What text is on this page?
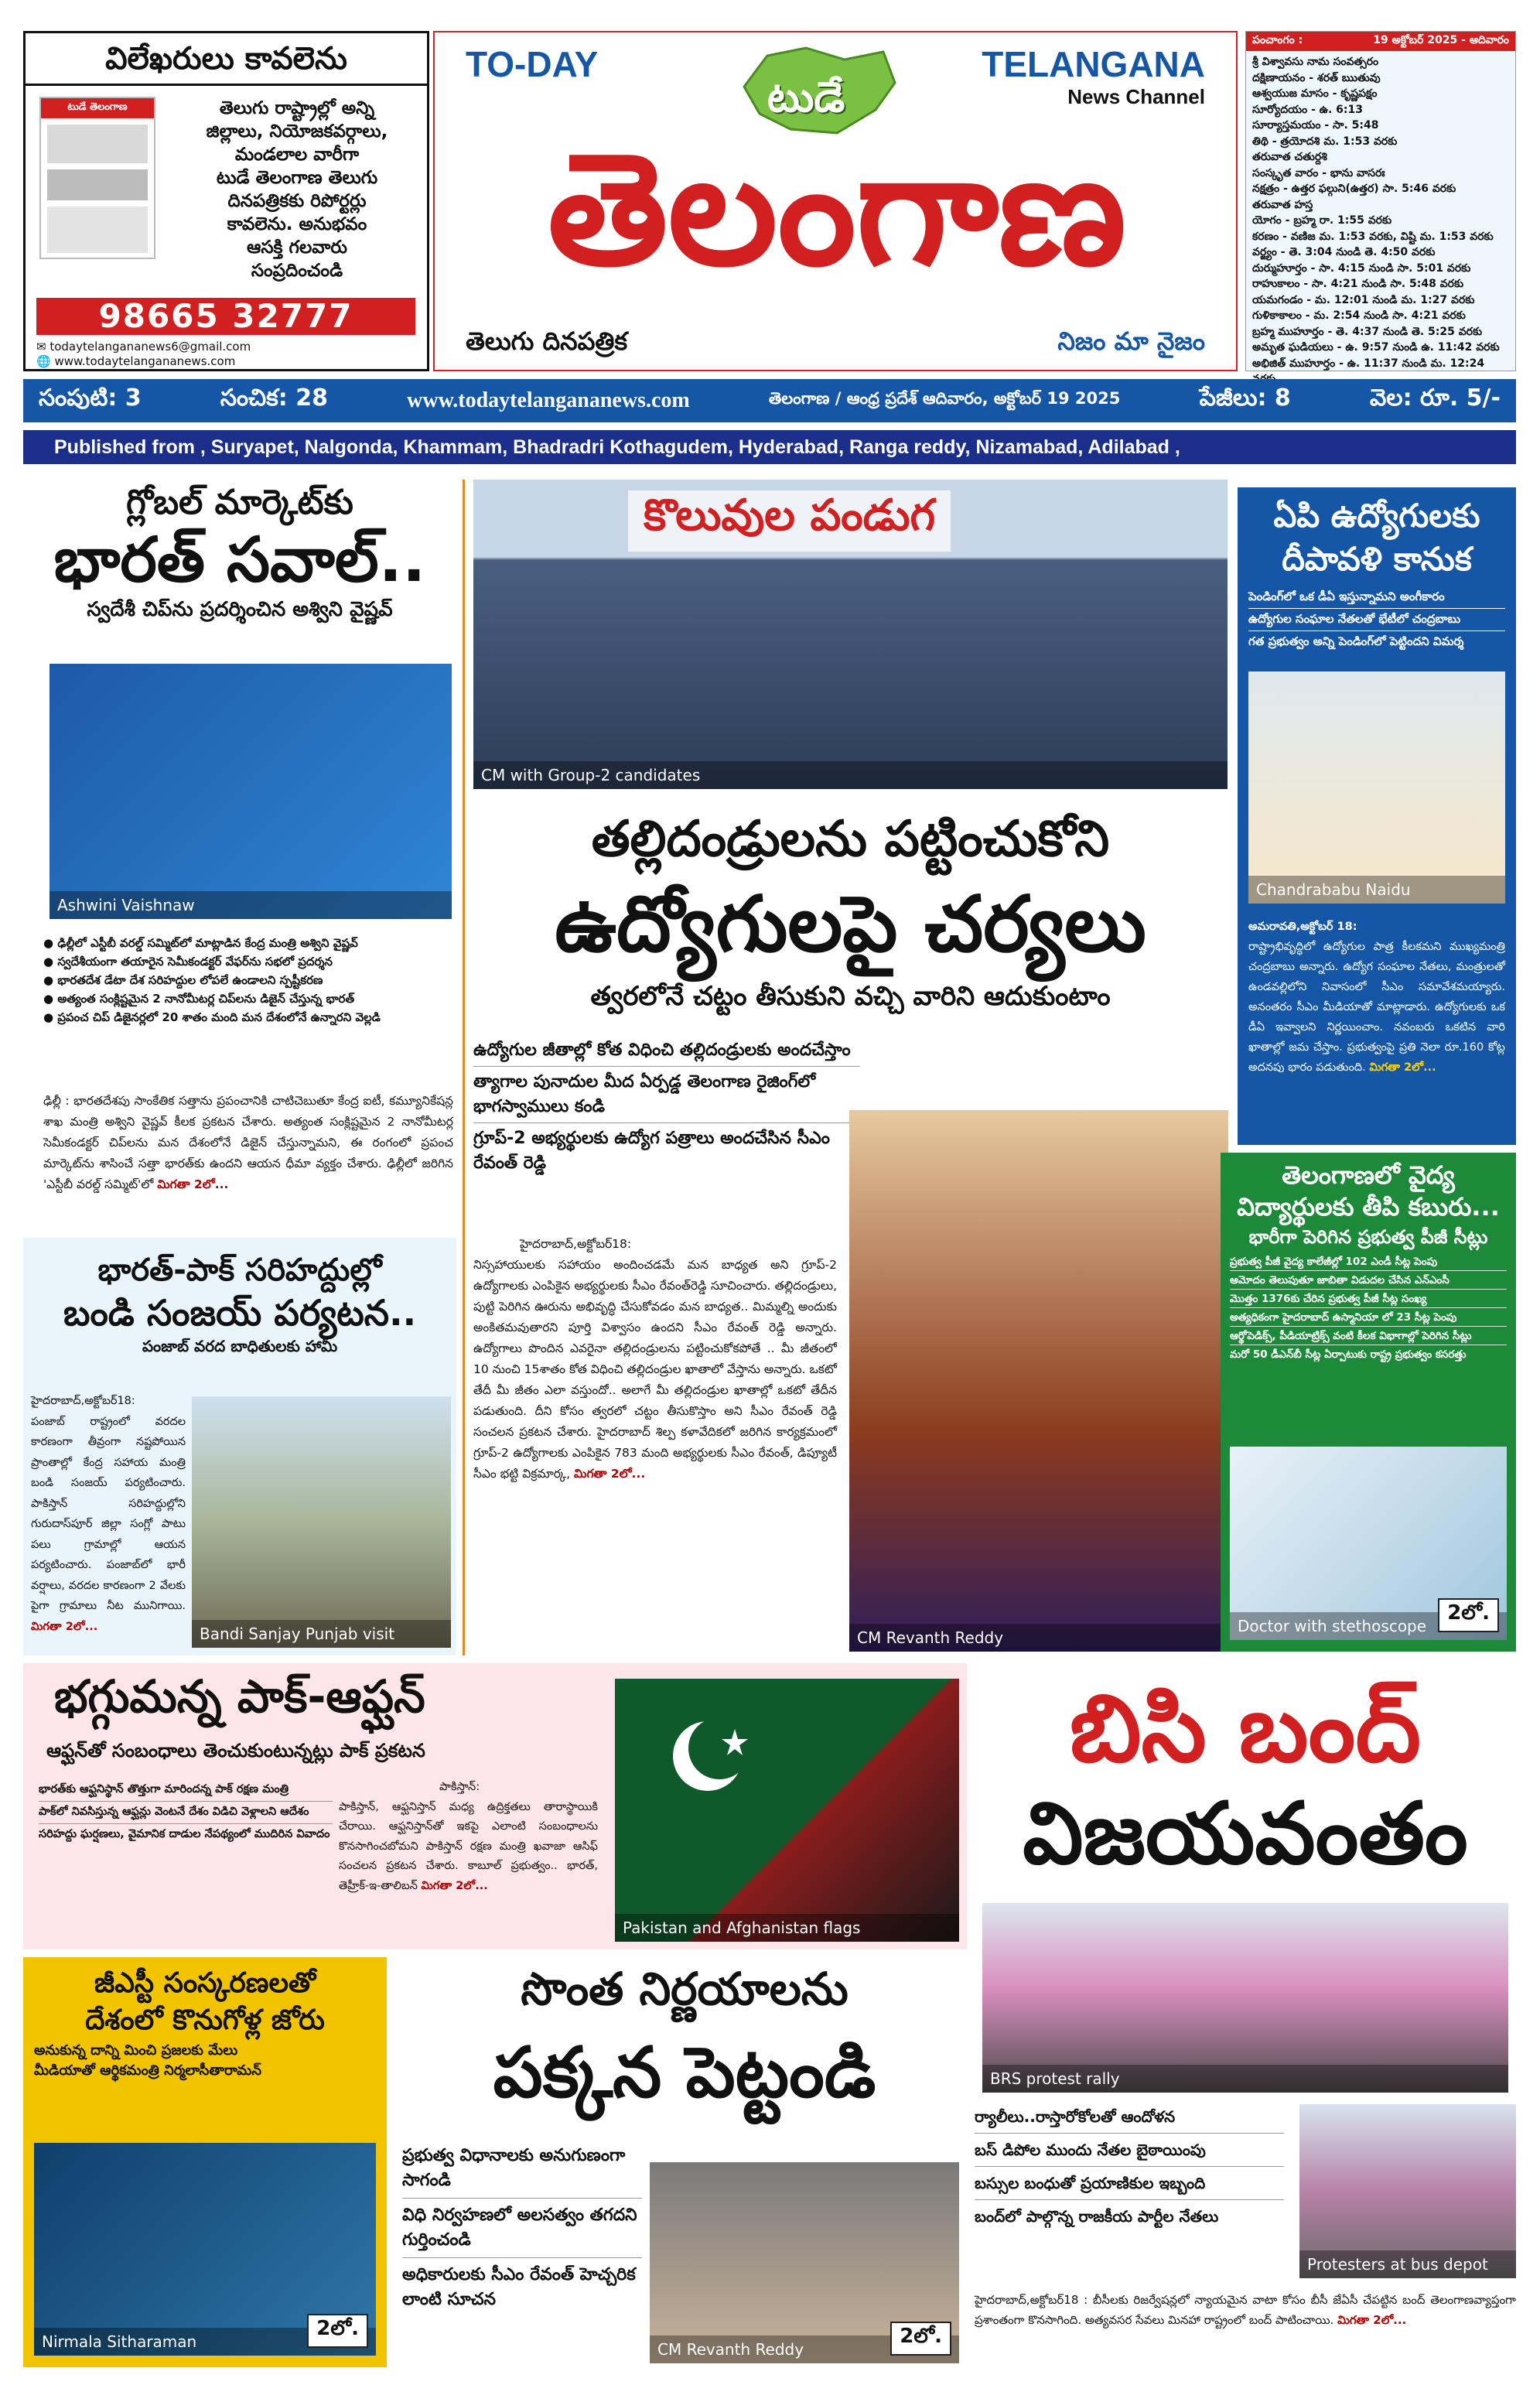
విలేఖరులు కావలెను
టుడే తెలంగాణ	తెలుగు రాష్ట్రాల్లో అన్ని
జిల్లాలు, నియోజకవర్గాలు,
మండలాల వారీగా
టుడే తెలంగాణ తెలుగు
దినపత్రికకు రిపోర్టర్లు
కావలెను. అనుభవం
ఆసక్తి గలవారు
సంప్రదించండి
98665 32777
✉ todaytelangananews6@gmail.com
🌐 www.todaytelangananews.com
TO-DAY	TELANGANA
News Channel
టుడే
తెలంగాణ
తెలుగు దినపత్రిక	నిజం మా నైజం
పంచాంగం :	19 అక్టోబర్ 2025 - ఆదివారం
శ్రీ విశ్వావసు నామ సంవత్సరం
దక్షిణాయనం - శరత్ ఋతువు
ఆశ్వయుజ మాసం - కృష్ణపక్షం
సూర్యోదయం - ఉ. 6:13
సూర్యాస్తమయం - సా. 5:48
తిథి - త్రయోదశి మ. 1:53 వరకు
తరువాత చతుర్దశి
సంస్కృత వారం - భాను వాసరః
నక్షత్రం - ఉత్తర ఫల్గుని(ఉత్తర) సా. 5:46 వరకు
తరువాత హస్త
యోగం - బ్రహ్మ రా. 1:55 వరకు
కరణం - వణిజ మ. 1:53 వరకు, విష్టి మ. 1:53 వరకు
వర్జ్యం - తె. 3:04 నుండి తె. 4:50 వరకు
దుర్ముహూర్తం - సా. 4:15 నుండి సా. 5:01 వరకు
రాహుకాలం - సా. 4:21 నుండి సా. 5:48 వరకు
యమగండం - మ. 12:01 నుండి మ. 1:27 వరకు
గుళికాకాలం - మ. 2:54 నుండి సా. 4:21 వరకు
బ్రహ్మ ముహూర్తం - తె. 4:37 నుండి తె. 5:25 వరకు
అమృత ఘడియలు - ఉ. 9:57 నుండి ఉ. 11:42 వరకు
అభిజిత్ ముహూర్తం - ఉ. 11:37 నుండి మ. 12:24
సంపుటి: 3	సంచిక: 28	www.todaytelangananews.com	తెలంగాణ / ఆంధ్ర ప్రదేశ్ ఆదివారం, అక్టోబర్ 19 2025	పేజీలు: 8	వెల: రూ. 5/-
Published from , Suryapet, Nalgonda, Khammam, Bhadradri Kothagudem, Hyderabad, Ranga reddy, Nizamabad, Adilabad ,
గ్లోబల్ మార్కెట్‌కు
భారత్ సవాల్..
స్వదేశీ చిప్‌ను ప్రదర్శించిన అశ్విని వైష్ణవ్
Ashwini Vaishnaw
● ఢిల్లీలో ఎస్టీబీ వరల్డ్ సమ్మిట్‌లో మాట్లాడిన కేంద్ర మంత్రి అశ్విని వైష్ణవ్
● స్వదేశీయంగా తయారైన సెమీకండక్టర్ వేఫర్‌ను సభలో ప్రదర్శన
● భారతదేశ డేటా దేశ సరిహద్దుల లోపలే ఉండాలని స్పష్టీకరణ
● అత్యంత సంక్లిష్టమైన 2 నానోమీటర్ల చిప్‌లను డిజైన్ చేస్తున్న భారత్
● ప్రపంచ చిప్ డిజైనర్లలో 20 శాతం మంది మన దేశంలోనే ఉన్నారని వెల్లడి
ఢిల్లీ : భారతదేశపు సాంకేతిక సత్తాను ప్రపంచానికి చాటిచెబుతూ కేంద్ర ఐటీ, కమ్యూనికేషన్ల శాఖ మంత్రి అశ్విని వైష్ణవ్ కీలక ప్రకటన చేశారు. అత్యంత సంక్లిష్టమైన 2 నానోమీటర్ల సెమీకండక్టర్ చిప్‌లను మన దేశంలోనే డిజైన్ చేస్తున్నామని, ఈ రంగంలో ప్రపంచ మార్కెట్‌ను శాసించే సత్తా భారత్‌కు ఉందని ఆయన ధీమా వ్యక్తం చేశారు. ఢిల్లీలో జరిగిన 'ఎస్టీబీ వరల్డ్ సమ్మిట్'లో మిగతా 2లో...
కొలువుల పండుగ
CM with Group-2 candidates
తల్లిదండ్రులను పట్టించుకోని
ఉద్యోగులపై చర్యలు
త్వరలోనే చట్టం తీసుకుని వచ్చి వారిని ఆదుకుంటాం
ఉద్యోగుల జీతాల్లో కోత విధించి తల్లిదండ్రులకు అందచేస్తాం
త్యాగాల పునాదుల మీద ఏర్పడ్డ తెలంగాణ రైజింగ్‌లో భాగస్వాములు కండి
గ్రూప్-2 అభ్యర్థులకు ఉద్యోగ పత్రాలు అందచేసిన సీఎం రేవంత్ రెడ్డి
హైదరాబాద్,అక్టోబర్18:
నిస్సహాయులకు సహాయం అందించడమే మన బాధ్యత అని గ్రూప్-2 ఉద్యోగాలకు ఎంపికైన అభ్యర్థులకు సీఎం రేవంత్‌రెడ్డి సూచించారు. తల్లిదండ్రులు, పుట్టి పెరిగిన ఊరును అభివృద్ధి చేసుకోవడం మన బాధ్యత.. మిమ్మల్ని అందుకు అంకితమవుతారని పూర్తి విశ్వాసం ఉందని సీఎం రేవంత్ రెడ్డి అన్నారు. ఉద్యోగాలు పొందిన ఎవరైనా తల్లిదండ్రులను పట్టించుకోకపోతే .. మీ జీతంలో 10 నుంచి 15శాతం కోత విధించి తల్లిదండ్రుల ఖాతాలో వేస్తాను అన్నారు. ఒకటో తేదీ మీ జీతం ఎలా వస్తుందో.. అలాగే మీ తల్లిదండ్రుల ఖాతాల్లో ఒకటో తేదీన పడుతుంది. దీని కోసం త్వరలో చట్టం తీసుకొస్తాం అని సీఎం రేవంత్ రెడ్డి సంచలన ప్రకటన చేశారు. హైదరాబాద్ శిల్ప కళావేదికలో జరిగిన కార్యక్రమంలో గ్రూప్-2 ఉద్యోగాలకు ఎంపికైన 783 మంది అభ్యర్థులకు సీఎం రేవంత్, డిప్యూటీ సీఎం భట్టి విక్రమార్క, మిగతా 2లో...
CM Revanth Reddy
ఏపి ఉద్యోగులకు
దీపావళి కానుక
పెండింగ్‌లో ఒక డీఏ ఇస్తున్నామని అంగీకారం
ఉద్యోగుల సంఘాల నేతలతో భేటీలో చంద్రబాబు
గత ప్రభుత్వం అన్ని పెండింగ్‌లో పెట్టిందని విమర్శ
Chandrababu Naidu
అమరావతి,అక్టోబర్ 18:
రాష్ట్రాభివృద్ధిలో ఉద్యోగుల పాత్ర కీలకమని ముఖ్యమంత్రి చంద్రబాబు అన్నారు. ఉద్యోగ సంఘాల నేతలు, మంత్రులతో ఉండవల్లిలోని నివాసంలో సీఎం సమావేశమయ్యారు. అనంతరం సీఎం మీడియాతో మాట్లాడారు. ఉద్యోగులకు ఒక డీఏ ఇవ్వాలని నిర్ణయించాం. నవంబరు ఒకటిన వారి ఖాతాల్లో జమ చేస్తాం. ప్రభుత్వంపై ప్రతి నెలా రూ.160 కోట్ల అదనపు భారం పడుతుంది. మిగతా 2లో...
తెలంగాణలో వైద్య
విద్యార్థులకు తీపి కబురు...
భారీగా పెరిగిన ప్రభుత్వ పీజీ సీట్లు
ప్రభుత్వ పీజీ వైద్య కాలేజీల్లో 102 ఎండీ సీట్ల పెంపు
ఆమోదం తెలుపుతూ జాబితా విడుదల చేసిన ఎన్‌ఎంసీ
మొత్తం 1376కు చేరిన ప్రభుత్వ పీజీ సీట్ల సంఖ్య
అత్యధికంగా హైదరాబాద్ ఉస్మానియా లో 23 సీట్ల పెంపు
ఆర్థోపెడిక్స్, పీడియాట్రిక్స్ వంటి కీలక విభాగాల్లో పెరిగిన సీట్లు
మరో 50 డీఎన్‌బీ సీట్ల ఏర్పాటుకు రాష్ట్ర ప్రభుత్వం కసరత్తు
Doctor with stethoscope
2లో.
భారత్-పాక్ సరిహద్దుల్లో
బండి సంజయ్ పర్యటన..
పంజాబ్ వరద బాధితులకు హామీ
హైదరాబాద్,అక్టోబర్18:
పంజాబ్ రాష్ట్రంలో వరదల కారణంగా తీవ్రంగా నష్టపోయిన ప్రాంతాల్లో కేంద్ర సహాయ మంత్రి బండి సంజయ్ పర్యటించారు. పాకిస్తాన్ సరిహద్దుల్లోని గురుదాస్‌పూర్ జిల్లా సంగ్లో పాటు పలు గ్రామాల్లో ఆయన పర్యటించారు. పంజాబ్‌లో భారీ వర్షాలు, వరదల కారణంగా 2 వేలకు పైగా గ్రామాలు నీట మునిగాయి. మిగతా 2లో...	Bandi Sanjay Punjab visit
భగ్గుమన్న పాక్-ఆఫ్ఘన్
ఆఫ్ఘన్‌తో సంబంధాలు తెంచుకుంటున్నట్లు పాక్ ప్రకటన
భారత్‌కు ఆఫ్ఘనిస్థాన్ తొత్తుగా మారిందన్న పాక్ రక్షణ మంత్రి
పాక్‌లో నివసిస్తున్న ఆఫ్ఘన్లు వెంటనే దేశం విడిచి వెళ్లాలని ఆదేశం
సరిహద్దు ఘర్షణలు, వైమానిక దాడుల నేపథ్యంలో ముదిరిన వివాదం
పాకిస్తాన్:
పాకిస్తాన్, ఆఫ్ఘనిస్తాన్ మధ్య ఉద్రిక్తతలు తారాస్థాయికి చేరాయి. ఆఫ్ఘనిస్తాన్‌తో ఇకపై ఎలాంటి సంబంధాలను కొనసాగించబోమని పాకిస్తాన్ రక్షణ మంత్రి ఖవాజా ఆసిఫ్ సంచలన ప్రకటన చేశారు. కాబూల్ ప్రభుత్వం.. భారత్, తెహ్రీక్-ఇ-తాలిబన్ మిగతా 2లో...
Pakistan and Afghanistan flags
బిసి బంద్
విజయవంతం
BRS protest rally
ర్యాలీలు..రాస్తారోకోలతో ఆందోళన
బస్ డిపోల ముందు నేతల బైఠాయింపు
బస్సుల బంధుతో ప్రయాణికుల ఇబ్బంది
బంద్‌లో పాల్గొన్న రాజకీయ పార్టీల నేతలు
Protesters at bus depot
హైదరాబాద్,అక్టోబర్18 : బీసీలకు రిజర్వేషన్లలో న్యాయమైన వాటా కోసం బీసీ జేఏసీ చేపట్టిన బంద్ తెలంగాణవ్యాప్తంగా ప్రశాంతంగా కొనసాగింది. అత్యవసర సేవలు మినహా రాష్ట్రంలో బంద్ పాటించాయి. మిగతా 2లో...
జీఎస్టీ సంస్కరణలతో
దేశంలో కొనుగోళ్ల జోరు
అనుకున్న దాన్ని మించి ప్రజలకు మేలు
మీడియాతో ఆర్థికమంత్రి నిర్మలాసీతారామన్
Nirmala Sitharaman
2లో.
సొంత నిర్ణయాలను
పక్కన పెట్టండి
ప్రభుత్వ విధానాలకు అనుగుణంగా సాగండి
విధి నిర్వహణలో అలసత్వం తగదని గుర్తించండి
అధికారులకు సీఎం రేవంత్ హెచ్చరిక లాంటి సూచన
CM Revanth Reddy
2లో.
